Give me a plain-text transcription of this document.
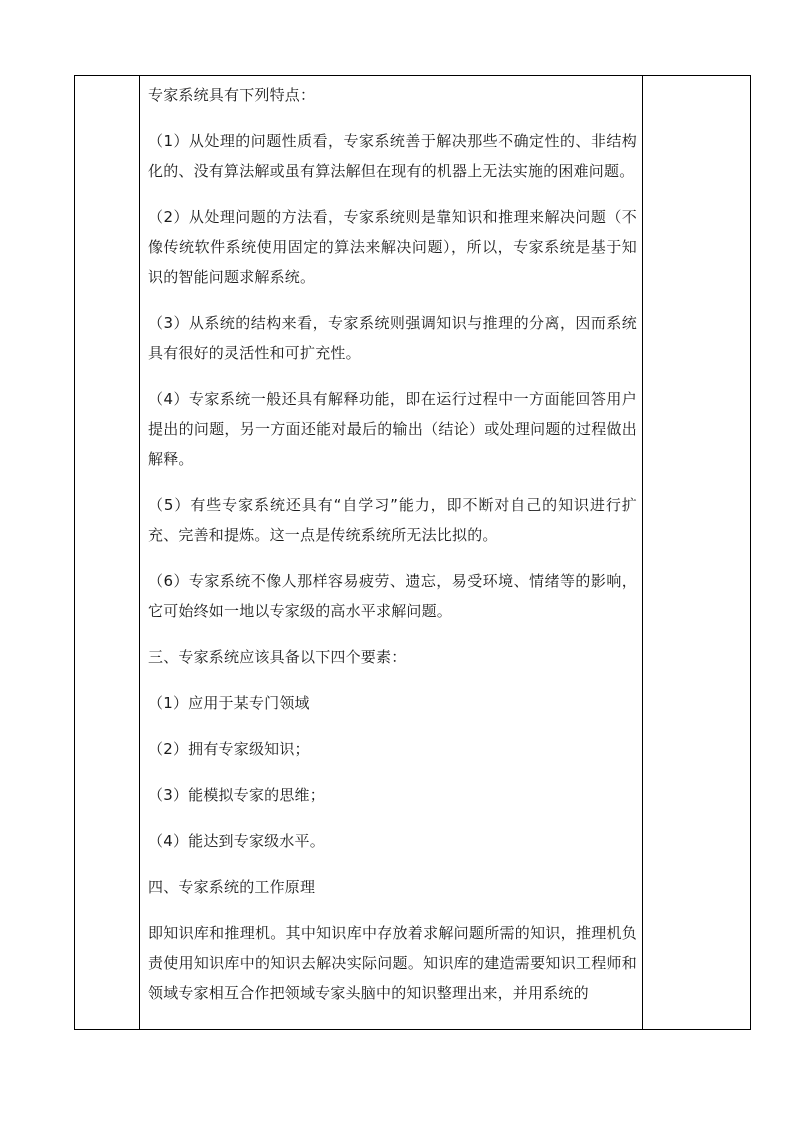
专家系统具有下列特点：

（1）从处理的问题性质看，专家系统善于解决那些不确定性的、非结构化的、没有算法解或虽有算法解但在现有的机器上无法实施的困难问题。

（2）从处理问题的方法看，专家系统则是靠知识和推理来解决问题（不像传统软件系统使用固定的算法来解决问题），所以，专家系统是基于知识的智能问题求解系统。

（3）从系统的结构来看，专家系统则强调知识与推理的分离，因而系统具有很好的灵活性和可扩充性。

（4）专家系统一般还具有解释功能，即在运行过程中一方面能回答用户提出的问题，另一方面还能对最后的输出（结论）或处理问题的过程做出解释。

（5）有些专家系统还具有“自学习”能力，即不断对自己的知识进行扩充、完善和提炼。这一点是传统系统所无法比拟的。

（6）专家系统不像人那样容易疲劳、遗忘，易受环境、情绪等的影响，它可始终如一地以专家级的高水平求解问题。

三、专家系统应该具备以下四个要素：

（1）应用于某专门领域

（2）拥有专家级知识；

（3）能模拟专家的思维；

（4）能达到专家级水平。

四、专家系统的工作原理

即知识库和推理机。其中知识库中存放着求解问题所需的知识，推理机负责使用知识库中的知识去解决实际问题。知识库的建造需要知识工程师和领域专家相互合作把领域专家头脑中的知识整理出来，并用系统的
